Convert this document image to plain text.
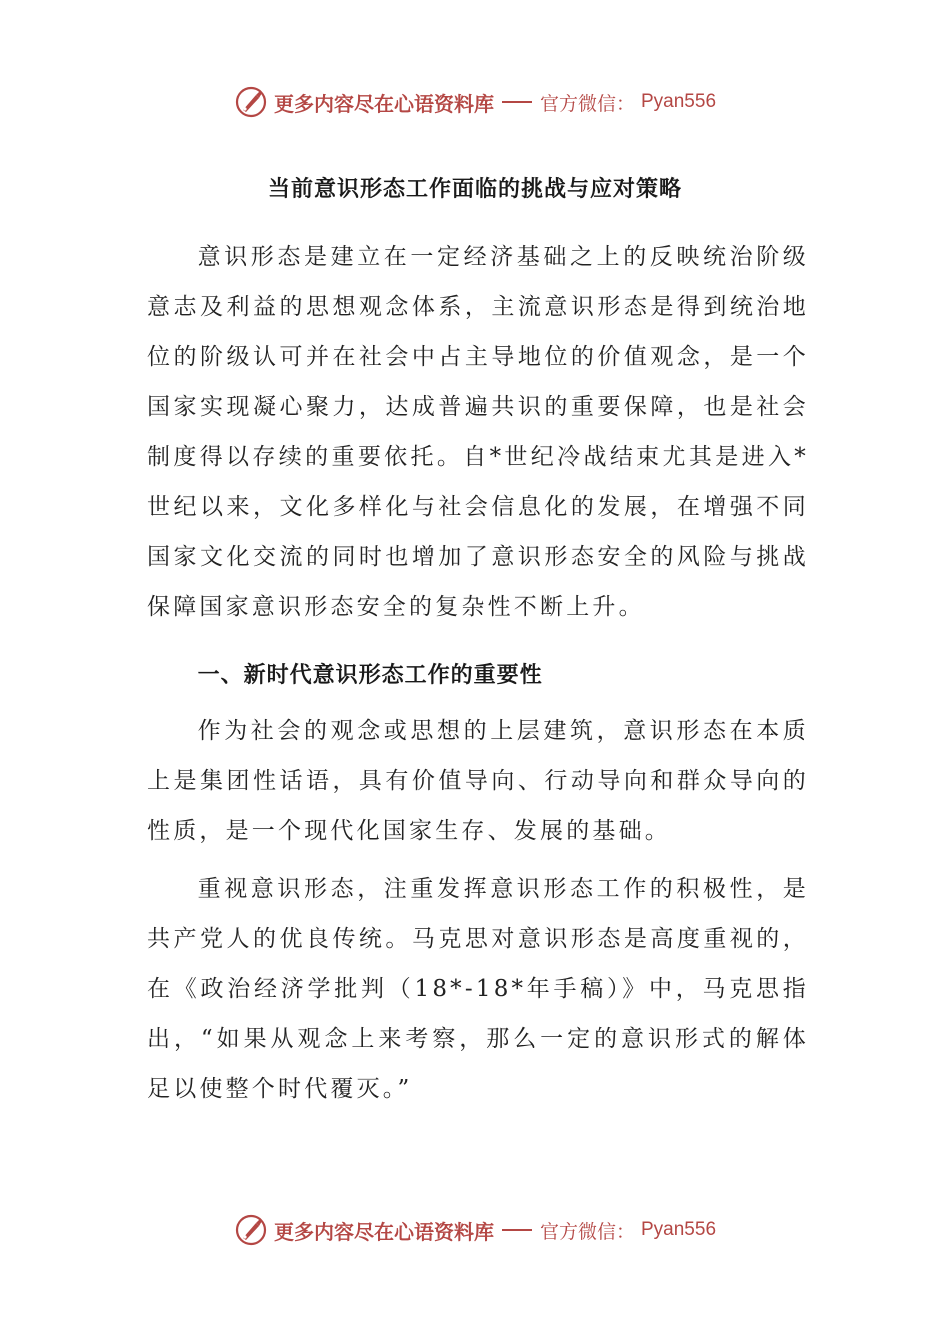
更多内容尽在心语资料库 官方微信： Pyan556
当前意识形态工作面临的挑战与应对策略

意识形态是建立在一定经济基础之上的反映统治阶级意志及利益的思想观念体系，主流意识形态是得到统治地位的阶级认可并在社会中占主导地位的价值观念，是一个国家实现凝心聚力，达成普遍共识的重要保障，也是社会制度得以存续的重要依托。自*世纪冷战结束尤其是进入*世纪以来，文化多样化与社会信息化的发展，在增强不同国家文化交流的同时也增加了意识形态安全的风险与挑战保障国家意识形态安全的复杂性不断上升。

一、新时代意识形态工作的重要性

作为社会的观念或思想的上层建筑，意识形态在本质上是集团性话语，具有价值导向、行动导向和群众导向的性质，是一个现代化国家生存、发展的基础。

重视意识形态，注重发挥意识形态工作的积极性，是共产党人的优良传统。马克思对意识形态是高度重视的，在《政治经济学批判（18*-18*年手稿）》中，马克思指出，“如果从观念上来考察，那么一定的意识形式的解体足以使整个时代覆灭。”

更多内容尽在心语资料库 官方微信： Pyan556
